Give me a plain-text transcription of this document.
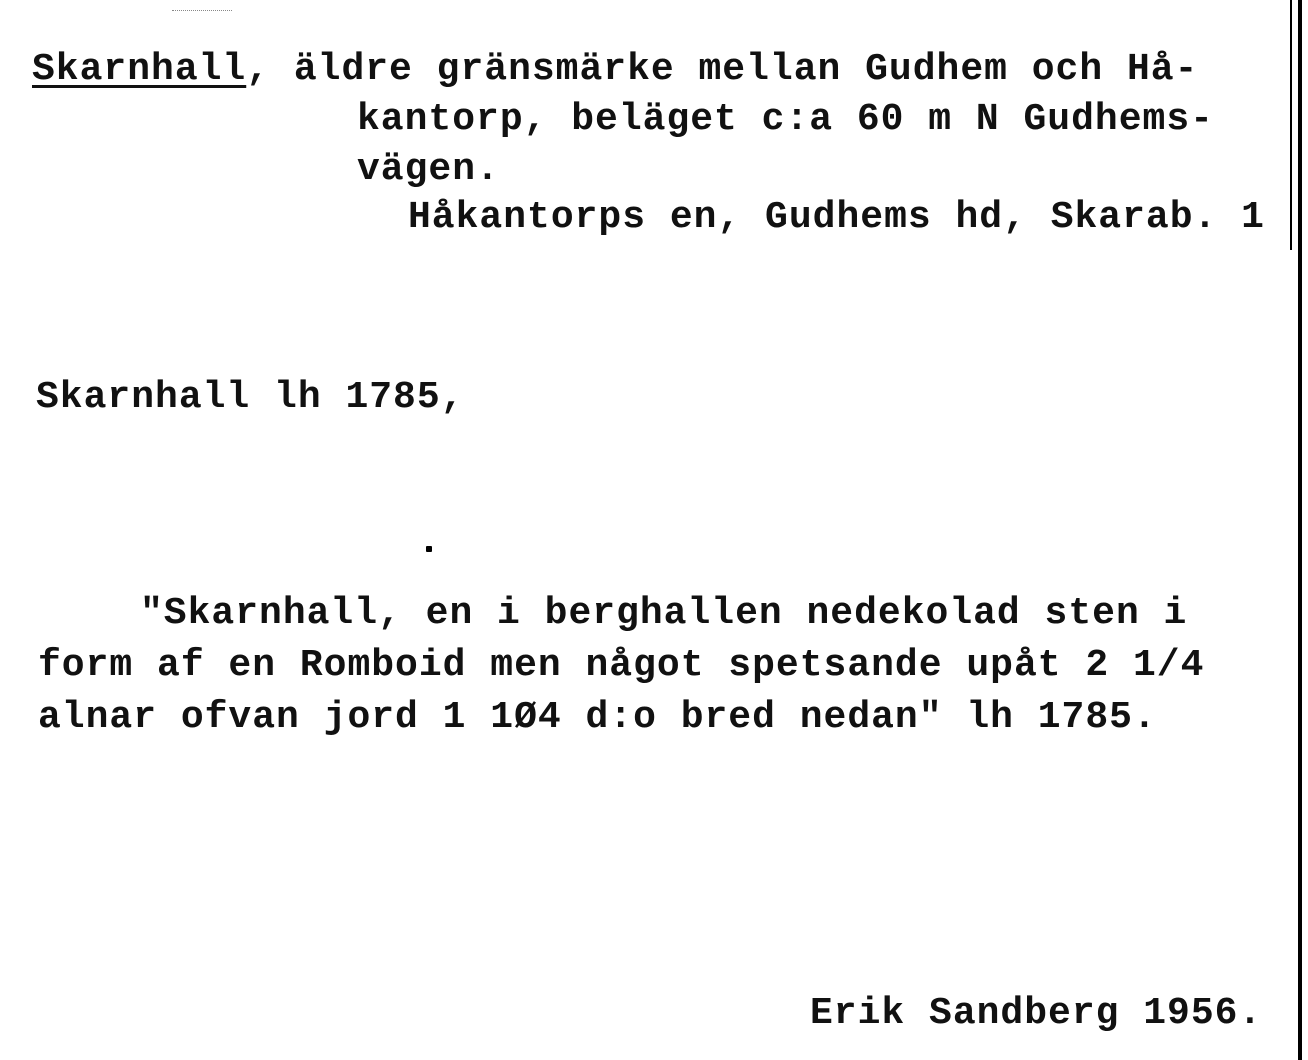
Skarnhall, äldre gränsmärke mellan Gudhem och Hå-
kantorp, beläget c:a 60 m N Gudhems-
vägen.
Håkantorps en, Gudhems hd, Skarab. 1
Skarnhall lh 1785,
"Skarnhall, en i berghallen nedekolad sten i
form af en Romboid men något spetsande upåt 2 1/4
alnar ofvan jord 1 1Ø4 d:o bred nedan" lh 1785.
Erik Sandberg 1956.
